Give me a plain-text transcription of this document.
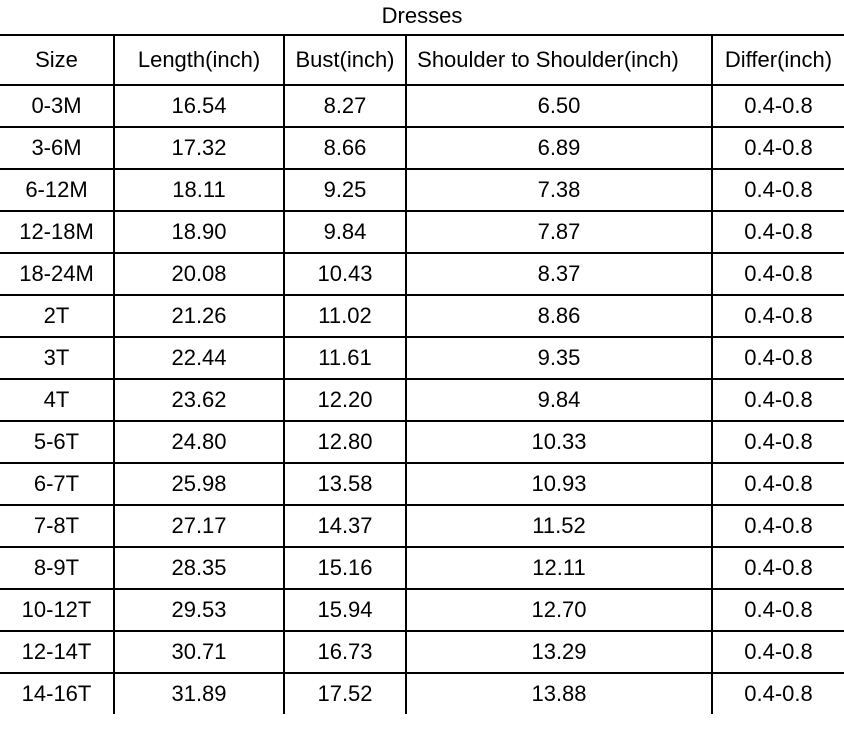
Dresses
Size	Length(inch)	Bust(inch)	Shoulder to Shoulder(inch)	Differ(inch)
0-3M	16.54	8.27	6.50	0.4-0.8
3-6M	17.32	8.66	6.89	0.4-0.8
6-12M	18.11	9.25	7.38	0.4-0.8
12-18M	18.90	9.84	7.87	0.4-0.8
18-24M	20.08	10.43	8.37	0.4-0.8
2T	21.26	11.02	8.86	0.4-0.8
3T	22.44	11.61	9.35	0.4-0.8
4T	23.62	12.20	9.84	0.4-0.8
5-6T	24.80	12.80	10.33	0.4-0.8
6-7T	25.98	13.58	10.93	0.4-0.8
7-8T	27.17	14.37	11.52	0.4-0.8
8-9T	28.35	15.16	12.11	0.4-0.8
10-12T	29.53	15.94	12.70	0.4-0.8
12-14T	30.71	16.73	13.29	0.4-0.8
14-16T	31.89	17.52	13.88	0.4-0.8
